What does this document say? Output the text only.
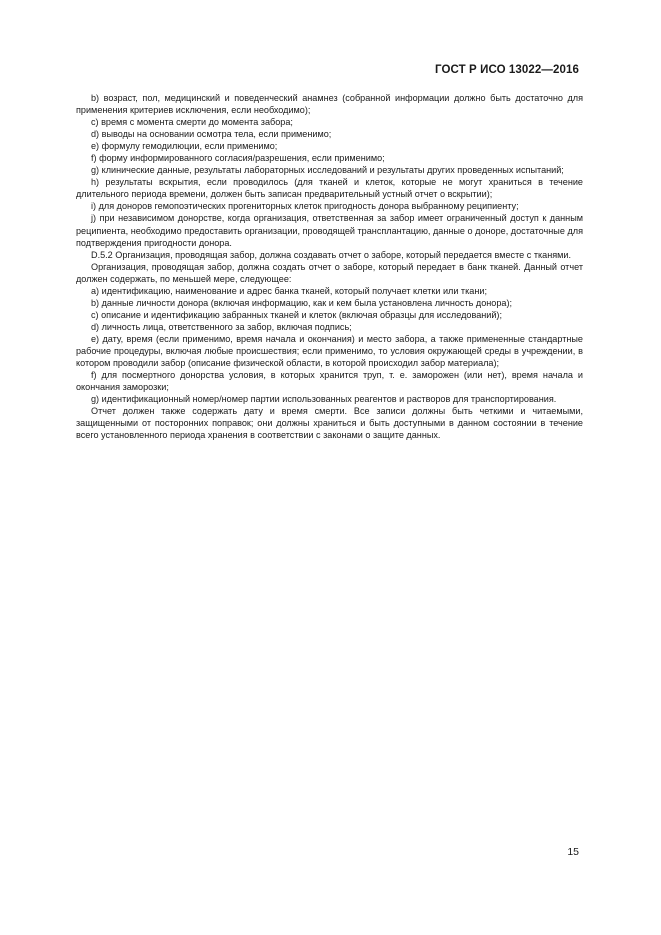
ГОСТ Р ИСО 13022—2016

b) возраст, пол, медицинский и поведенческий анамнез (собранной информации должно быть достаточно для применения критериев исключения, если необходимо);

c) время с момента смерти до момента забора;

d) выводы на основании осмотра тела, если применимо;

e) формулу гемодилюции, если применимо;

f) форму информированного согласия/разрешения, если применимо;

g) клинические данные, результаты лабораторных исследований и результаты других проведенных испытаний;

h) результаты вскрытия, если проводилось (для тканей и клеток, которые не могут храниться в течение длительного периода времени, должен быть записан предварительный устный отчет о вскрытии);

i) для доноров гемопоэтических прогениторных клеток пригодность донора выбранному реципиенту;

j) при независимом донорстве, когда организация, ответственная за забор имеет ограниченный доступ к данным реципиента, необходимо предоставить организации, проводящей трансплантацию, данные о доноре, достаточные для подтверждения пригодности донора.

D.5.2 Организация, проводящая забор, должна создавать отчет о заборе, который передается вместе с тканями.

Организация, проводящая забор, должна создать отчет о заборе, который передает в банк тканей. Данный отчет должен содержать, по меньшей мере, следующее:

a) идентификацию, наименование и адрес банка тканей, который получает клетки или ткани;

b) данные личности донора (включая информацию, как и кем была установлена личность донора);

c) описание и идентификацию забранных тканей и клеток (включая образцы для исследований);

d) личность лица, ответственного за забор, включая подпись;

e) дату, время (если применимо, время начала и окончания) и место забора, а также примененные стандартные рабочие процедуры, включая любые происшествия; если применимо, то условия окружающей среды в учреждении, в котором проводили забор (описание физической области, в которой происходил забор материала);

f) для посмертного донорства условия, в которых хранится труп, т. е. заморожен (или нет), время начала и окончания заморозки;

g) идентификационный номер/номер партии использованных реагентов и растворов для транспортирования.

Отчет должен также содержать дату и время смерти. Все записи должны быть четкими и читаемыми, защищенными от посторонних поправок; они должны храниться и быть доступными в данном состоянии в течение всего установленного периода хранения в соответствии с законами о защите данных.

15
